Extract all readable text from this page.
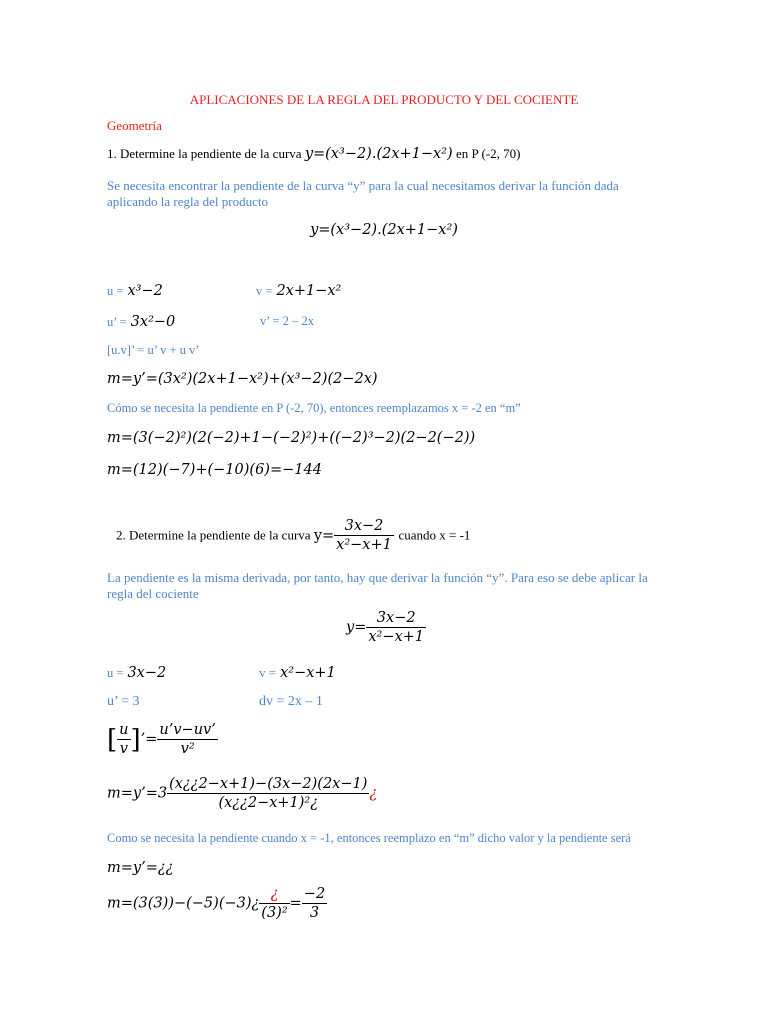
APLICACIONES DE LA REGLA DEL PRODUCTO Y DEL COCIENTE
Geometría
1. Determine la pendiente de la curva y=(x³−2).(2x+1−x²) en P (-2, 70)
Se necesita encontrar la pendiente de la curva “y” para la cual necesitamos derivar la función dada aplicando la regla del producto
y=(x³−2).(2x+1−x²)
u = x³−2	v = 2x+1−x²
u’ = 3x²−0	v’ = 2 – 2x
[u.v]’ = u’ v + u v’
m=y’=(3x²)(2x+1−x²)+(x³−2)(2−2x)
Cómo se necesita la pendiente en P (-2, 70), entonces reemplazamos x = -2 en “m”
m=(3(−2)²)(2(−2)+1−(−2)²)+((−2)³−2)(2−2(−2))
m=(12)(−7)+(−10)(6)=−144
2. Determine la pendiente de la curva $y= \frac{3x-2}{\text{x²−x+1}}$ cuando x = -1
La pendiente es la misma derivada, por tanto, hay que derivar la función “y”. Para eso se debe aplicar la regla del cociente
$y= \frac{3x-2}{\text{x²−x+1}}$
u = 3x−2	v = x²−x+1
u’ = 3	dv = 2x – 1
[ $\frac{u}{v}$ ]’= $\frac{u’v-uv’}{\text{v²}}$
m=y’=3 $\frac{(x¿¿2-x+1)-(3x-2)(2x-1)}{\text{(x¿¿2−x+1)²¿}}$ ¿
Como se necesita la pendiente cuando x = -1, entonces reemplazo en “m” dicho valor y la pendiente será
m=y’=¿¿
m=(3(3))−(−5)(−3)¿ $\frac{¿}{\text{(3)²}} = \frac{-2}{3}$
